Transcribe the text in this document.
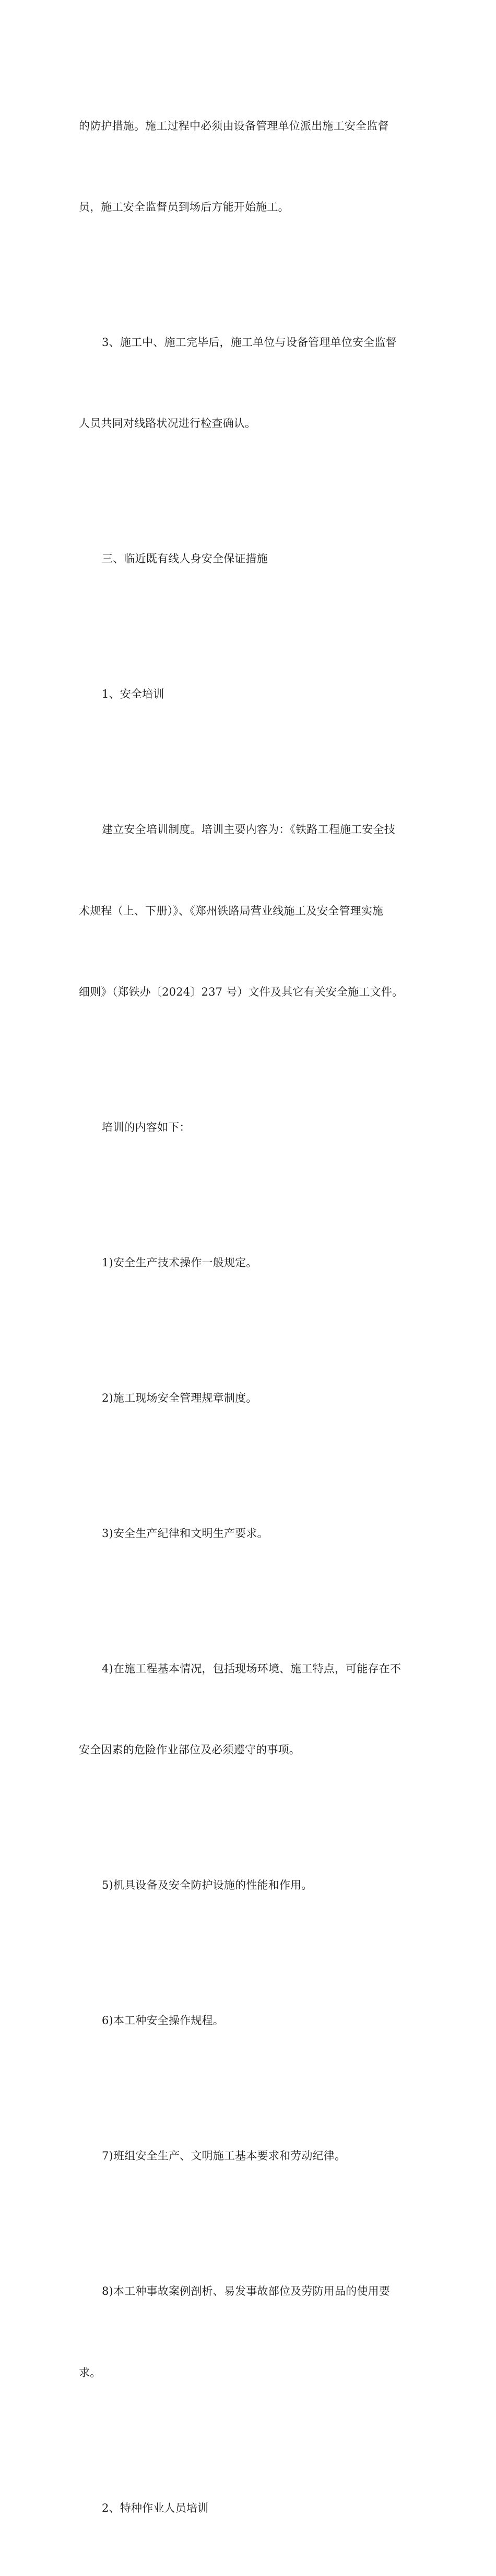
的防护措施。施工过程中必须由设备管理单位派出施工安全监督

员，施工安全监督员到场后方能开始施工。

3、施工中、施工完毕后，施工单位与设备管理单位安全监督

人员共同对线路状况进行检查确认。

三、临近既有线人身安全保证措施

1、安全培训

建立安全培训制度。培训主要内容为：《铁路工程施工安全技

术规程（上、下册）》、《郑州铁路局营业线施工及安全管理实施

细则》（郑铁办〔2024〕237 号）文件及其它有关安全施工文件。

培训的内容如下：

1)安全生产技术操作一般规定。

2)施工现场安全管理规章制度。

3)安全生产纪律和文明生产要求。

4)在施工程基本情况，包括现场环境、施工特点，可能存在不

安全因素的危险作业部位及必须遵守的事项。

5)机具设备及安全防护设施的性能和作用。

6)本工种安全操作规程。

7)班组安全生产、文明施工基本要求和劳动纪律。

8)本工种事故案例剖析、易发事故部位及劳防用品的使用要

求。

2、特种作业人员培训
